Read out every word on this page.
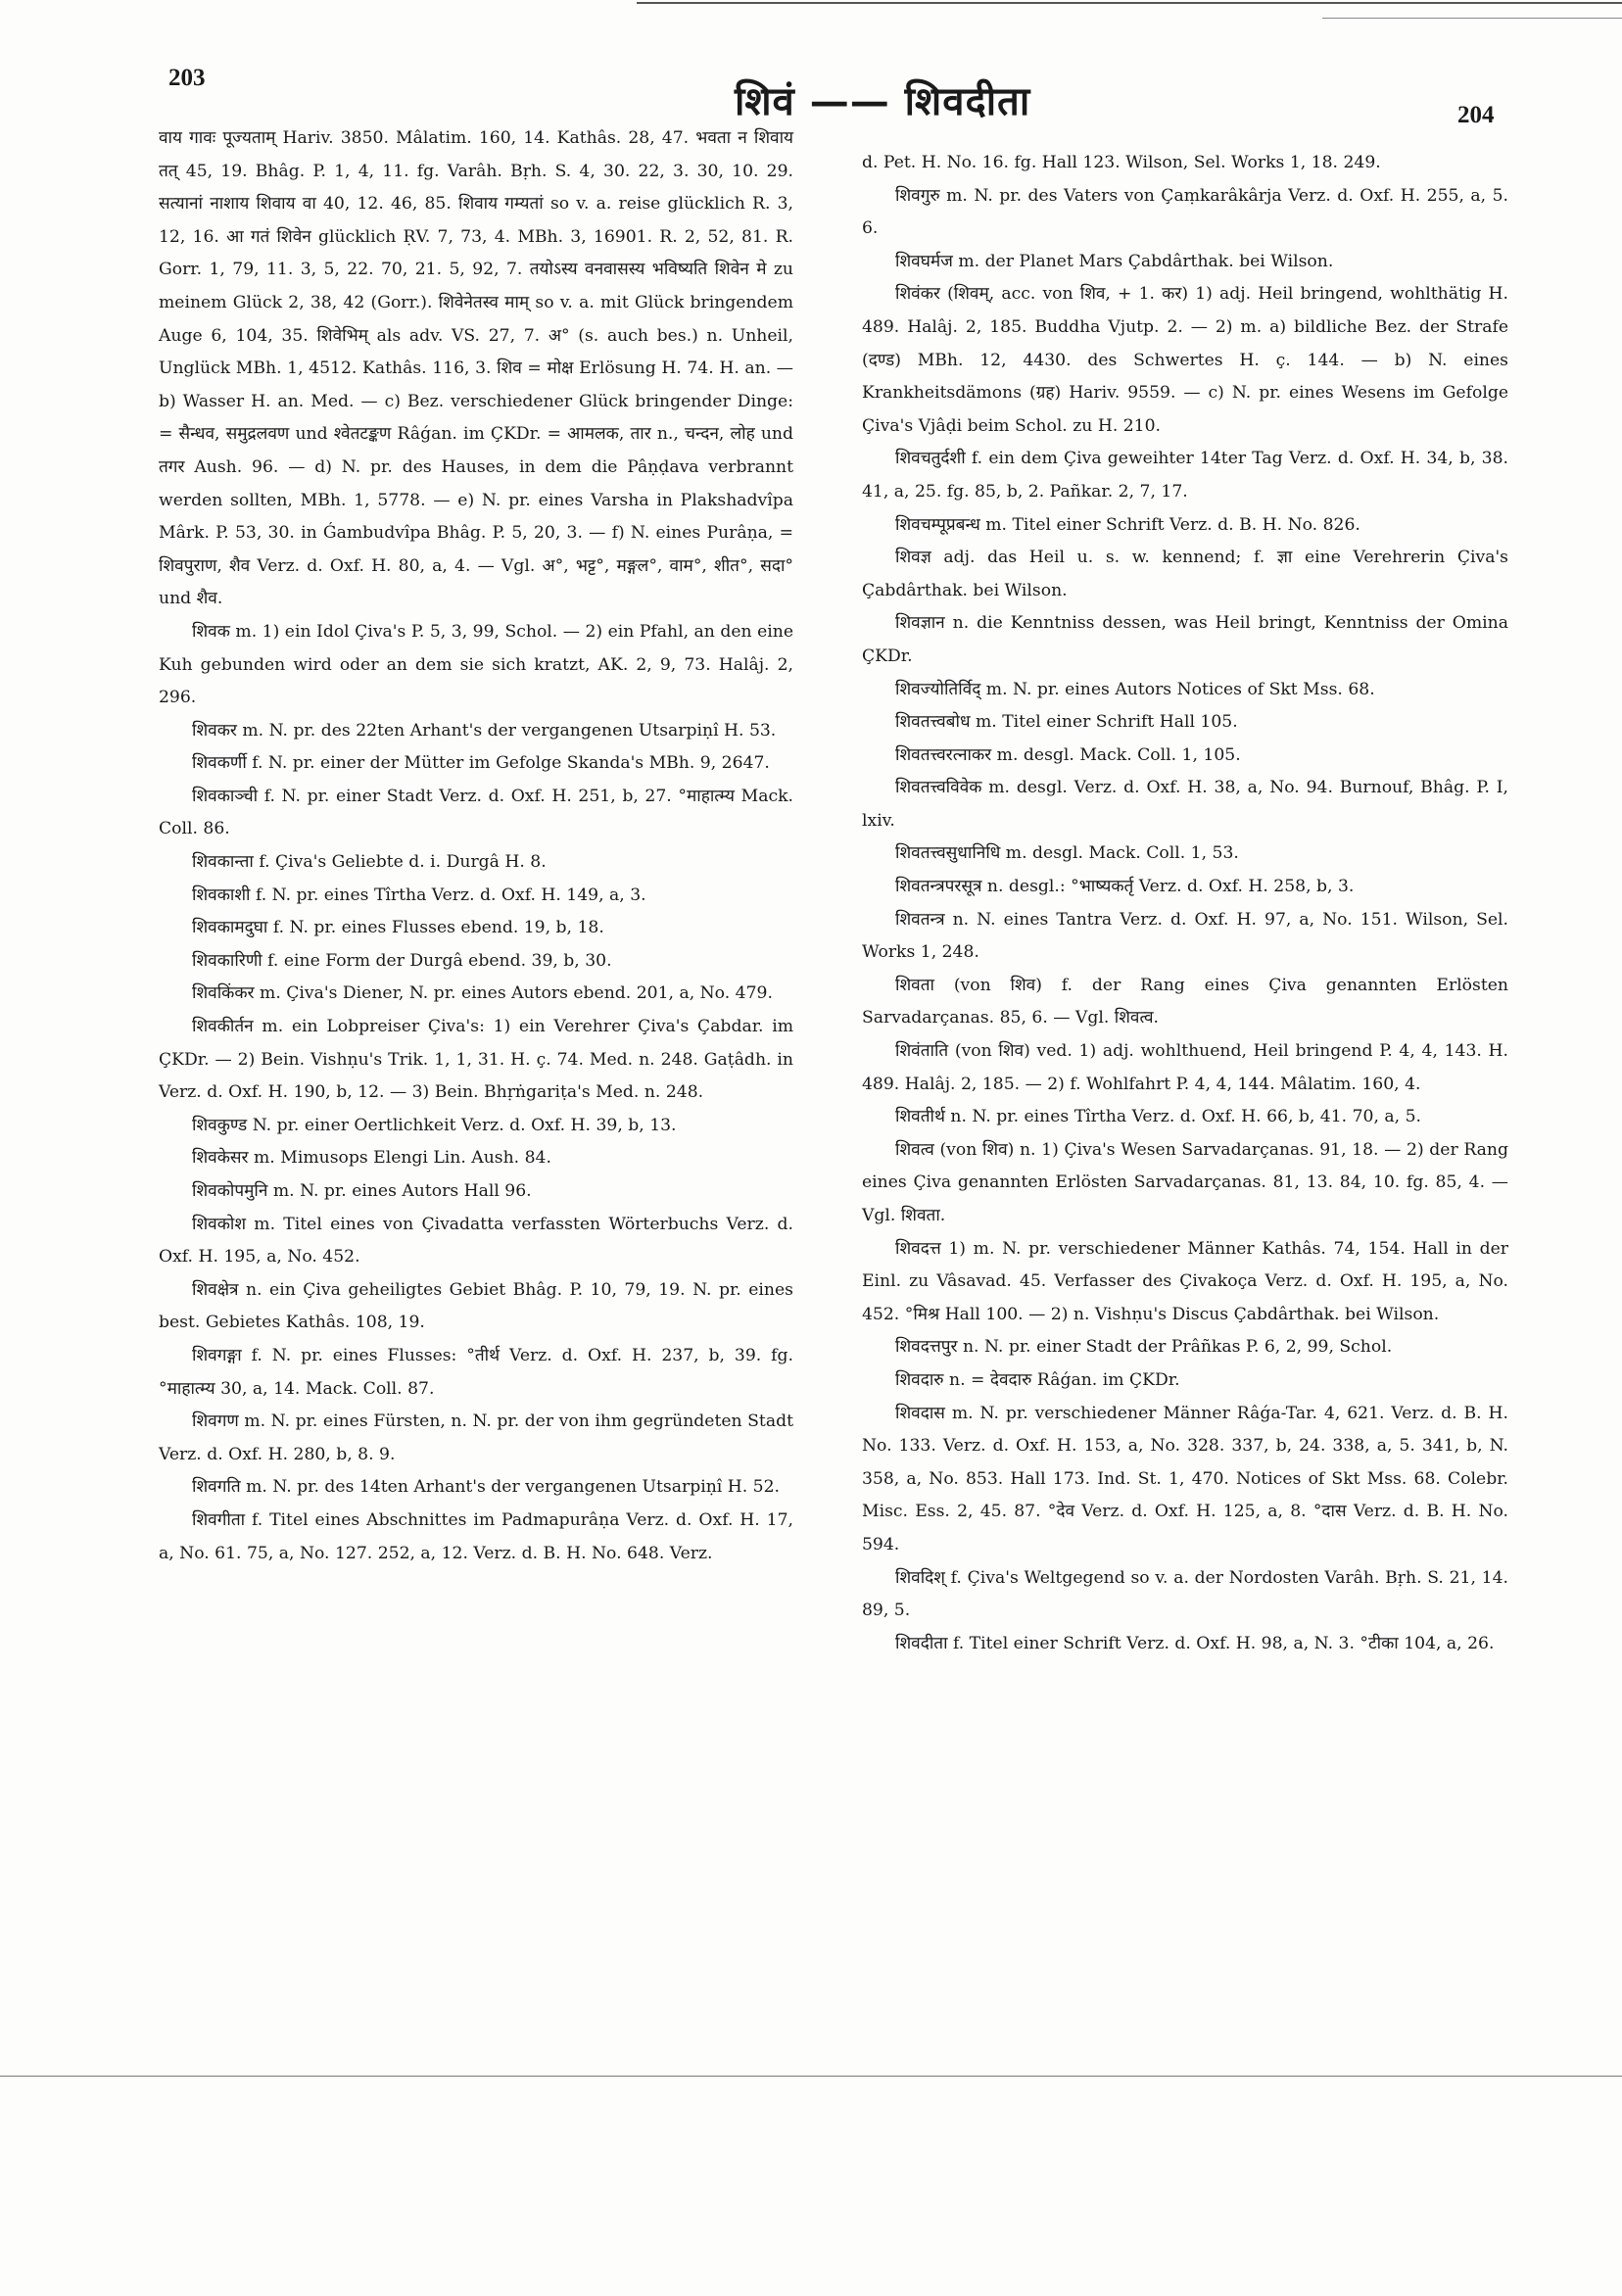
203
शिवं —— शिवदीता	204

वाय गावः पूज्यताम् Hariv. 3850. Mâlatim. 160, 14. Kathâs. 28, 47. भवता न शिवाय तत् 45, 19. Bhâg. P. 1, 4, 11. fg. Varâh. Bṛh. S. 4, 30. 22, 3. 30, 10. 29. सत्यानां नाशाय शिवाय वा 40, 12. 46, 85. शिवाय गम्यतां so v. a. reise glücklich R. 3, 12, 16. आ गतं शिवेन glücklich ṚV. 7, 73, 4. MBh. 3, 16901. R. 2, 52, 81. R. Gorr. 1, 79, 11. 3, 5, 22. 70, 21. 5, 92, 7. तयोऽस्य वनवासस्य भविष्यति शिवेन मे zu meinem Glück 2, 38, 42 (Gorr.). शिवेनेतस्व माम् so v. a. mit Glück bringendem Auge 6, 104, 35. शिवेभिम् als adv. VS. 27, 7. अ° (s. auch bes.) n. Unheil, Unglück MBh. 1, 4512. Kathâs. 116, 3. शिव = मोक्ष Erlösung H. 74. H. an. — b) Wasser H. an. Med. — c) Bez. verschiedener Glück bringender Dinge: = सैन्धव, समुद्रलवण und श्वेतटङ्कण Râǵan. im ÇKDr. = आमलक, तार n., चन्दन, लोह und तगर Aush. 96. — d) N. pr. des Hauses, in dem die Pâṇḍava verbrannt werden sollten, MBh. 1, 5778. — e) N. pr. eines Varsha in Plakshadvîpa Mârk. P. 53, 30. in Ǵambudvîpa Bhâg. P. 5, 20, 3. — f) N. eines Purâṇa, = शिवपुराण, शैव Verz. d. Oxf. H. 80, a, 4. — Vgl. अ°, भट्ट°, मङ्गल°, वाम°, शीत°, सदा° und शैव.

शिवक m. 1) ein Idol Çiva's P. 5, 3, 99, Schol. — 2) ein Pfahl, an den eine Kuh gebunden wird oder an dem sie sich kratzt, AK. 2, 9, 73. Halâj. 2, 296.

शिवकर m. N. pr. des 22ten Arhant's der vergangenen Utsarpiṇî H. 53.

शिवकर्णी f. N. pr. einer der Mütter im Gefolge Skanda's MBh. 9, 2647.

शिवकाञ्ची f. N. pr. einer Stadt Verz. d. Oxf. H. 251, b, 27. °माहात्म्य Mack. Coll. 86.

शिवकान्ता f. Çiva's Geliebte d. i. Durgâ H. 8.

शिवकाशी f. N. pr. eines Tîrtha Verz. d. Oxf. H. 149, a, 3.

शिवकामदुघा f. N. pr. eines Flusses ebend. 19, b, 18.

शिवकारिणी f. eine Form der Durgâ ebend. 39, b, 30.

शिवकिंकर m. Çiva's Diener, N. pr. eines Autors ebend. 201, a, No. 479.

शिवकीर्तन m. ein Lobpreiser Çiva's: 1) ein Verehrer Çiva's Çabdar. im ÇKDr. — 2) Bein. Vishṇu's Trik. 1, 1, 31. H. ç. 74. Med. n. 248. Gaṭâdh. in Verz. d. Oxf. H. 190, b, 12. — 3) Bein. Bhṛṅgariṭa's Med. n. 248.

शिवकुण्ड N. pr. einer Oertlichkeit Verz. d. Oxf. H. 39, b, 13.

शिवकेसर m. Mimusops Elengi Lin. Aush. 84.

शिवकोपमुनि m. N. pr. eines Autors Hall 96.

शिवकोश m. Titel eines von Çivadatta verfassten Wörterbuchs Verz. d. Oxf. H. 195, a, No. 452.

शिवक्षेत्र n. ein Çiva geheiligtes Gebiet Bhâg. P. 10, 79, 19. N. pr. eines best. Gebietes Kathâs. 108, 19.

शिवगङ्गा f. N. pr. eines Flusses: °तीर्थ Verz. d. Oxf. H. 237, b, 39. fg. °माहात्म्य 30, a, 14. Mack. Coll. 87.

शिवगण m. N. pr. eines Fürsten, n. N. pr. der von ihm gegründeten Stadt Verz. d. Oxf. H. 280, b, 8. 9.

शिवगति m. N. pr. des 14ten Arhant's der vergangenen Utsarpiṇî H. 52.

शिवगीता f. Titel eines Abschnittes im Padmapurâṇa Verz. d. Oxf. H. 17, a, No. 61. 75, a, No. 127. 252, a, 12. Verz. d. B. H. No. 648. Verz.

d. Pet. H. No. 16. fg. Hall 123. Wilson, Sel. Works 1, 18. 249.

शिवगुरु m. N. pr. des Vaters von Çaṃkarâkârja Verz. d. Oxf. H. 255, a, 5. 6.

शिवघर्मज m. der Planet Mars Çabdârthak. bei Wilson.

शिवंकर (शिवम्, acc. von शिव, + 1. कर) 1) adj. Heil bringend, wohlthätig H. 489. Halâj. 2, 185. Buddha Vjutp. 2. — 2) m. a) bildliche Bez. der Strafe (दण्ड) MBh. 12, 4430. des Schwertes H. ç. 144. — b) N. eines Krankheitsdämons (ग्रह) Hariv. 9559. — c) N. pr. eines Wesens im Gefolge Çiva's Vjâḍi beim Schol. zu H. 210.

शिवचतुर्दशी f. ein dem Çiva geweihter 14ter Tag Verz. d. Oxf. H. 34, b, 38. 41, a, 25. fg. 85, b, 2. Pañkar. 2, 7, 17.

शिवचम्पूप्रबन्ध m. Titel einer Schrift Verz. d. B. H. No. 826.

शिवज्ञ adj. das Heil u. s. w. kennend; f. ज्ञा eine Verehrerin Çiva's Çabdârthak. bei Wilson.

शिवज्ञान n. die Kenntniss dessen, was Heil bringt, Kenntniss der Omina ÇKDr.

शिवज्योतिर्विद् m. N. pr. eines Autors Notices of Skt Mss. 68.

शिवतत्त्वबोध m. Titel einer Schrift Hall 105.

शिवतत्त्वरत्नाकर m. desgl. Mack. Coll. 1, 105.

शिवतत्त्वविवेक m. desgl. Verz. d. Oxf. H. 38, a, No. 94. Burnouf, Bhâg. P. I, lxiv.

शिवतत्त्वसुधानिधि m. desgl. Mack. Coll. 1, 53.

शिवतन्त्रपरसूत्र n. desgl.: °भाष्यकर्तृ Verz. d. Oxf. H. 258, b, 3.

शिवतन्त्र n. N. eines Tantra Verz. d. Oxf. H. 97, a, No. 151. Wilson, Sel. Works 1, 248.

शिवता (von शिव) f. der Rang eines Çiva genannten Erlösten Sarvadarçanas. 85, 6. — Vgl. शिवत्व.

शिवंताति (von शिव) ved. 1) adj. wohlthuend, Heil bringend P. 4, 4, 143. H. 489. Halâj. 2, 185. — 2) f. Wohlfahrt P. 4, 4, 144. Mâlatim. 160, 4.

शिवतीर्थ n. N. pr. eines Tîrtha Verz. d. Oxf. H. 66, b, 41. 70, a, 5.

शिवत्व (von शिव) n. 1) Çiva's Wesen Sarvadarçanas. 91, 18. — 2) der Rang eines Çiva genannten Erlösten Sarvadarçanas. 81, 13. 84, 10. fg. 85, 4. — Vgl. शिवता.

शिवदत्त 1) m. N. pr. verschiedener Männer Kathâs. 74, 154. Hall in der Einl. zu Vâsavad. 45. Verfasser des Çivakoça Verz. d. Oxf. H. 195, a, No. 452. °मिश्र Hall 100. — 2) n. Vishṇu's Discus Çabdârthak. bei Wilson.

शिवदत्तपुर n. N. pr. einer Stadt der Prâñkas P. 6, 2, 99, Schol.

शिवदारु n. = देवदारु Râǵan. im ÇKDr.

शिवदास m. N. pr. verschiedener Männer Râǵa-Tar. 4, 621. Verz. d. B. H. No. 133. Verz. d. Oxf. H. 153, a, No. 328. 337, b, 24. 338, a, 5. 341, b, N. 358, a, No. 853. Hall 173. Ind. St. 1, 470. Notices of Skt Mss. 68. Colebr. Misc. Ess. 2, 45. 87. °देव Verz. d. Oxf. H. 125, a, 8. °दास Verz. d. B. H. No. 594.

शिवदिश् f. Çiva's Weltgegend so v. a. der Nordosten Varâh. Bṛh. S. 21, 14. 89, 5.

शिवदीता f. Titel einer Schrift Verz. d. Oxf. H. 98, a, N. 3. °टीका 104, a, 26.
